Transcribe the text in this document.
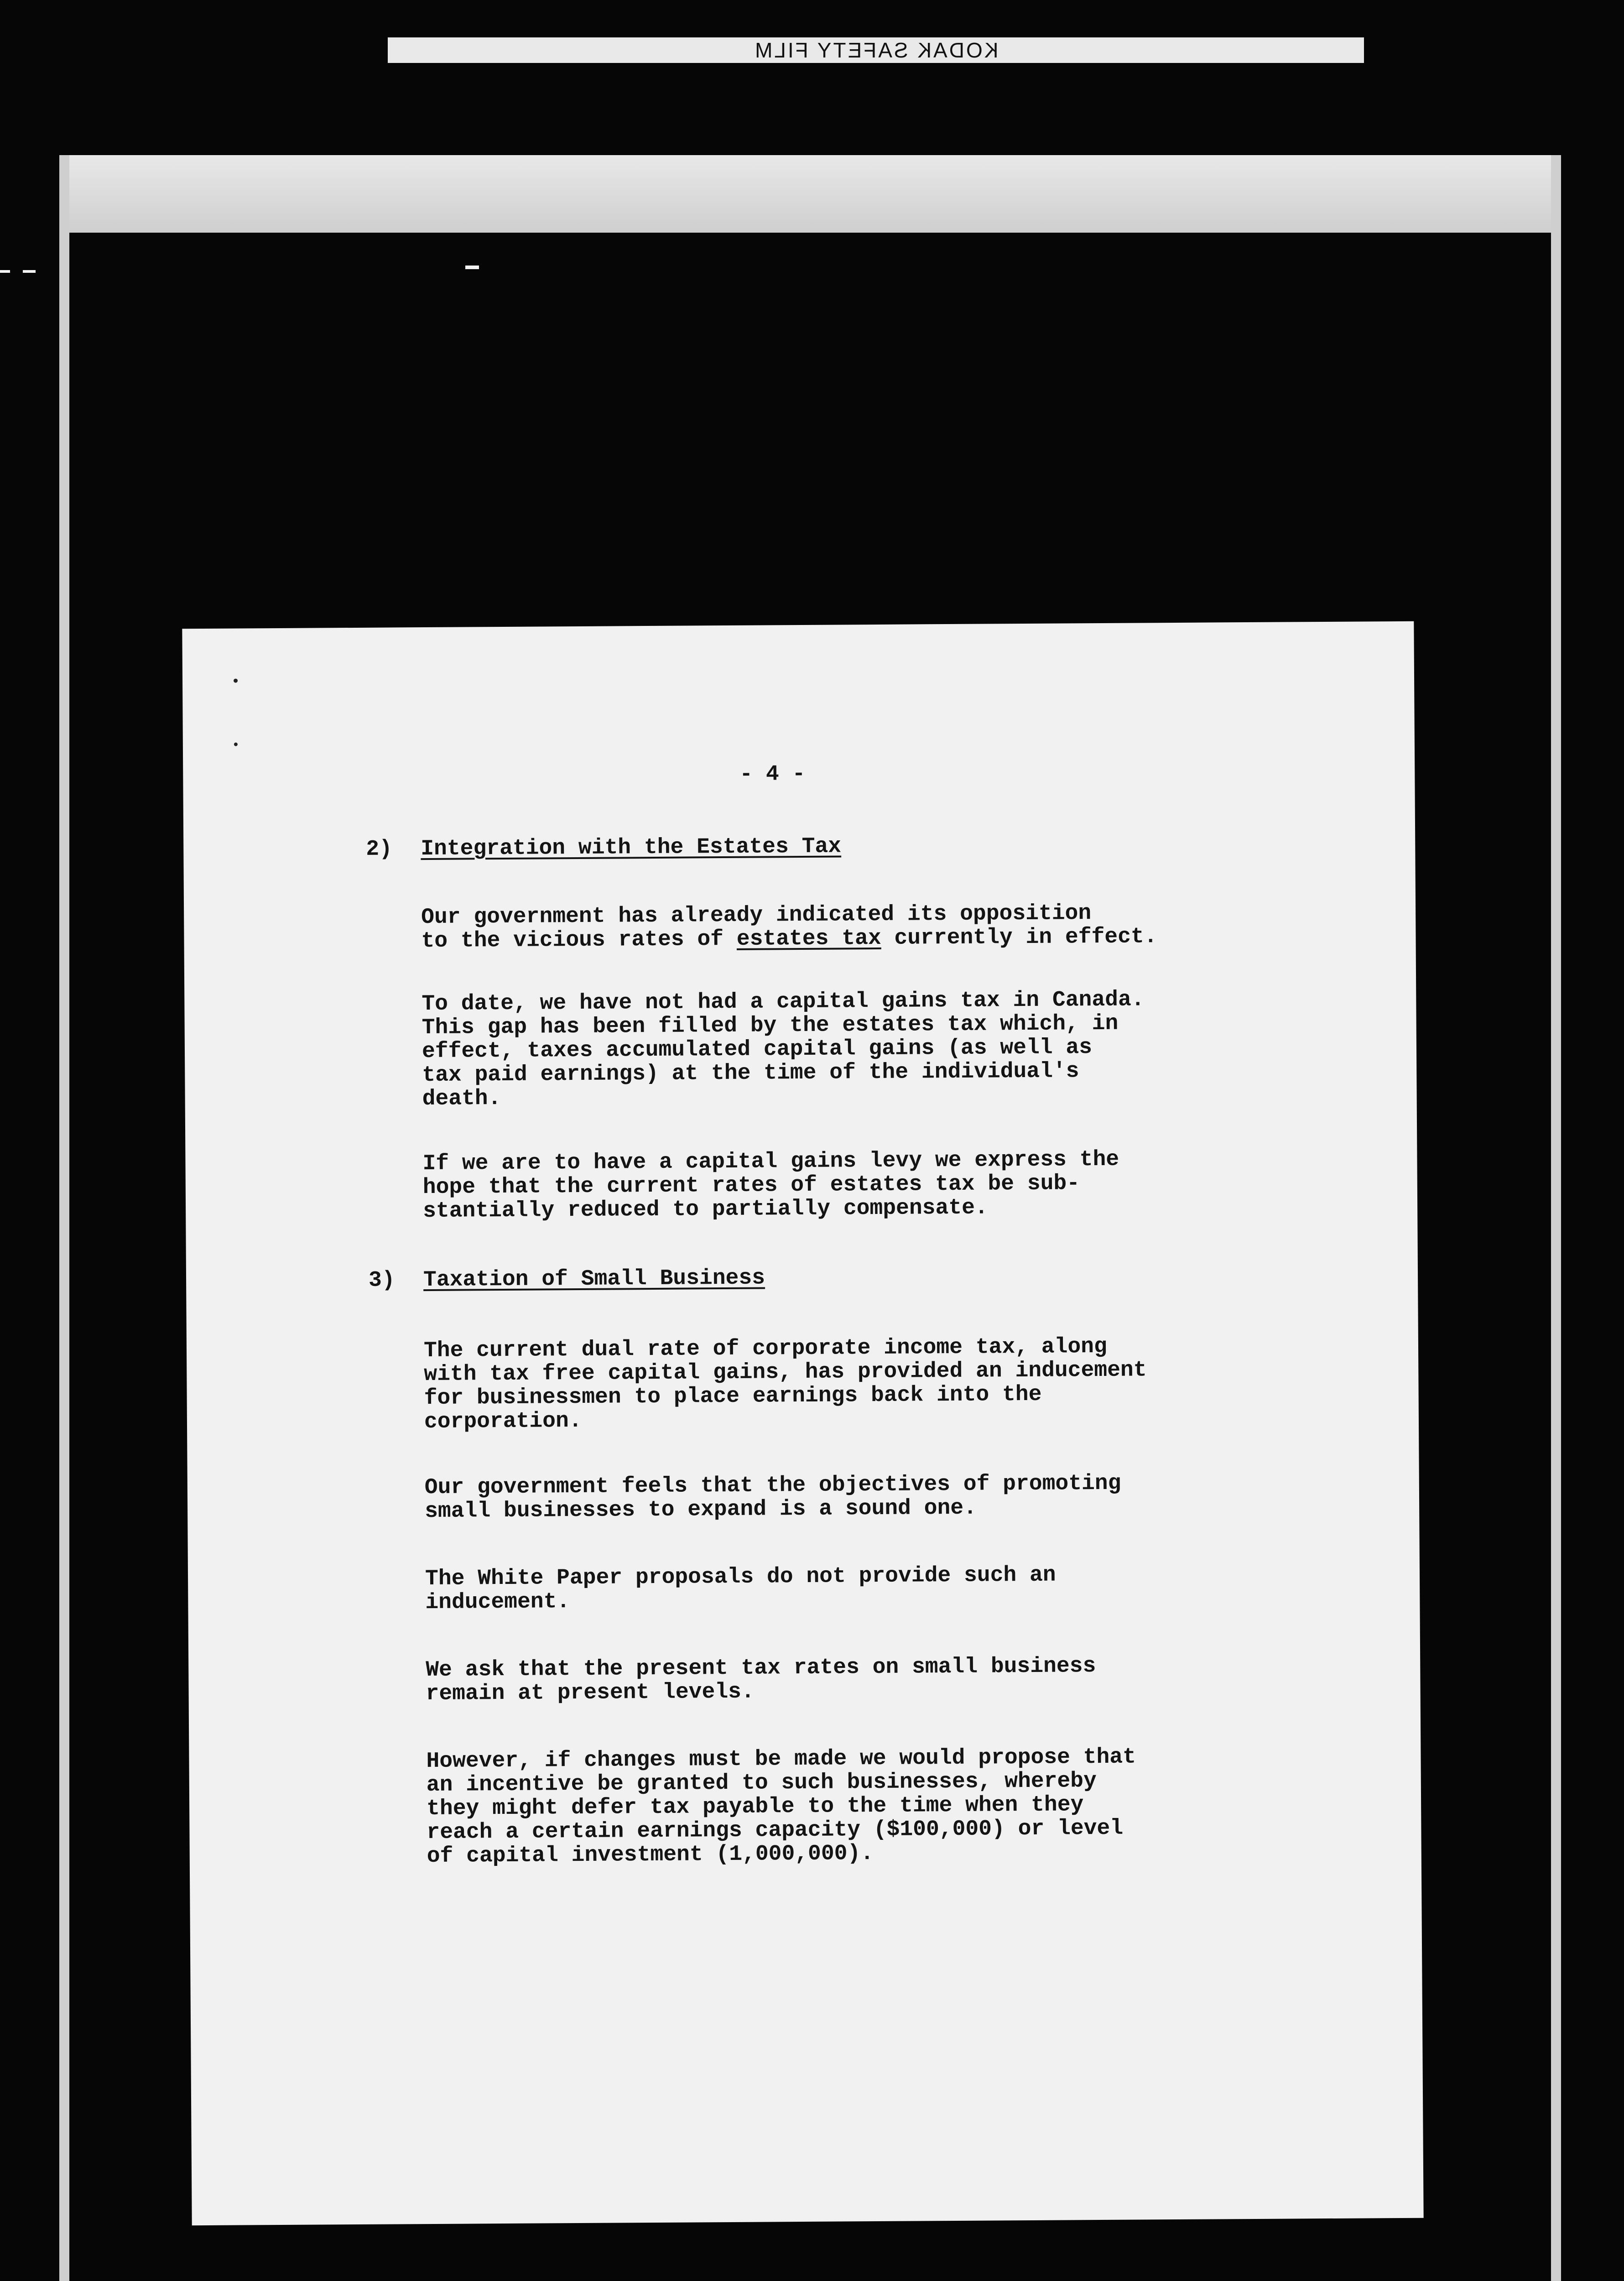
KODAK SAFETY FILM
- 4 -
2) Integration with the Estates Tax
Our government has already indicated its opposition
to the vicious rates of estates tax currently in effect.
To date, we have not had a capital gains tax in Canada.
This gap has been filled by the estates tax which, in
effect, taxes accumulated capital gains (as well as
tax paid earnings) at the time of the individual's
death.
If we are to have a capital gains levy we express the
hope that the current rates of estates tax be sub-
stantially reduced to partially compensate.
3) Taxation of Small Business
The current dual rate of corporate income tax, along
with tax free capital gains, has provided an inducement
for businessmen to place earnings back into the
corporation.
Our government feels that the objectives of promoting
small businesses to expand is a sound one.
The White Paper proposals do not provide such an
inducement.
We ask that the present tax rates on small business
remain at present levels.
However, if changes must be made we would propose that
an incentive be granted to such businesses, whereby
they might defer tax payable to the time when they
reach a certain earnings capacity ($100,000) or level
of capital investment (1,000,000).
